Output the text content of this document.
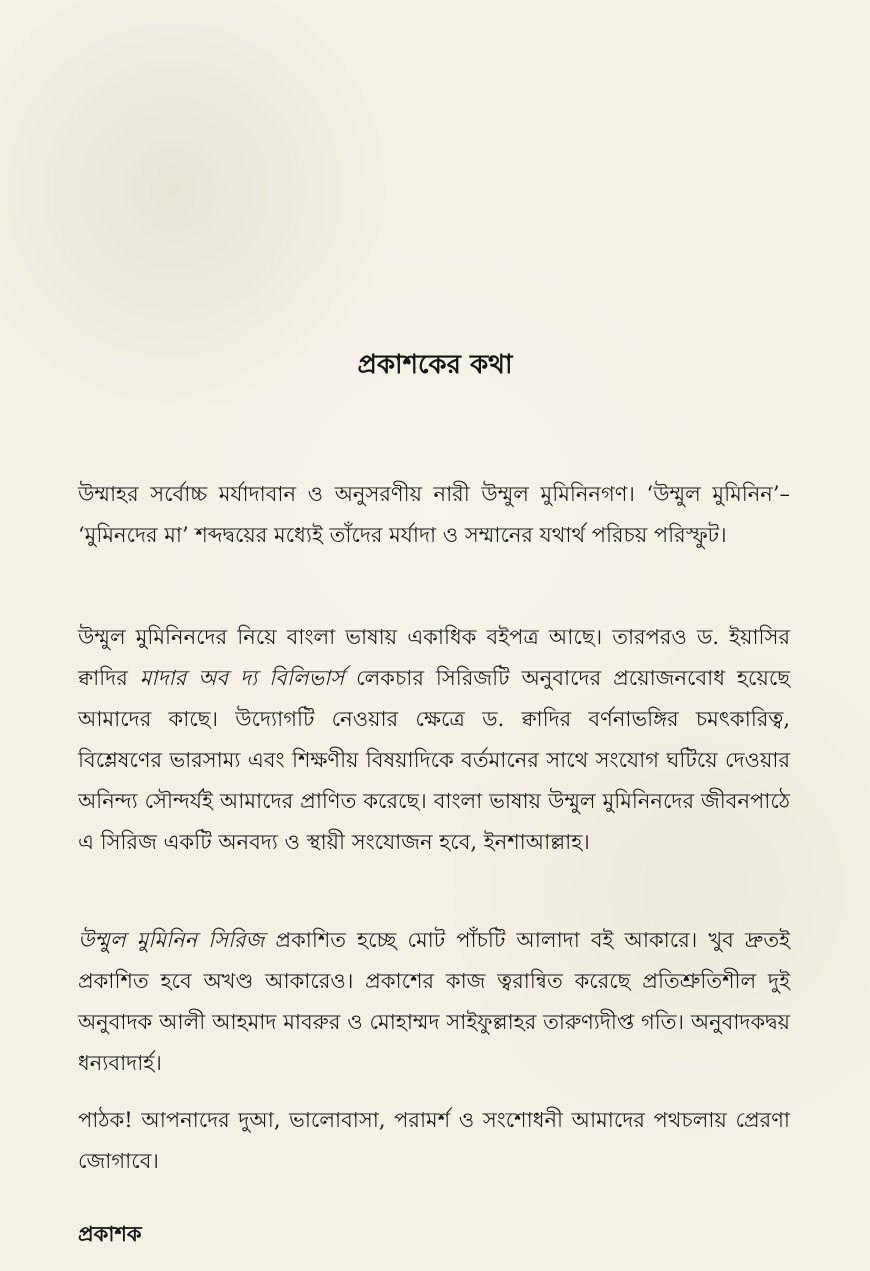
প্রকাশকের কথা

উম্মাহর সর্বোচ্চ মর্যাদাবান ও অনুসরণীয় নারী উম্মুল মুমিনিনগণ। ‘উম্মুল মুমিনিন’– ‘মুমিনদের মা’ শব্দদ্বয়ের মধ্যেই তাঁদের মর্যাদা ও সম্মানের যথার্থ পরিচয় পরিস্ফুট।

উম্মুল মুমিনিনদের নিয়ে বাংলা ভাষায় একাধিক বইপত্র আছে। তারপরও ড. ইয়াসির ক্বাদির মাদার অব দ্য বিলিভার্স লেকচার সিরিজটি অনুবাদের প্রয়োজনবোধ হয়েছে আমাদের কাছে। উদ্যোগটি নেওয়ার ক্ষেত্রে ড. ক্বাদির বর্ণনাভঙ্গির চমৎকারিত্ব, বিশ্লেষণের ভারসাম্য এবং শিক্ষণীয় বিষয়াদিকে বর্তমানের সাথে সংযোগ ঘটিয়ে দেওয়ার অনিন্দ্য সৌন্দর্যই আমাদের প্রাণিত করেছে। বাংলা ভাষায় উম্মুল মুমিনিনদের জীবনপাঠে এ সিরিজ একটি অনবদ্য ও স্থায়ী সংযোজন হবে, ইনশাআল্লাহ।

উম্মুল মুমিনিন সিরিজ প্রকাশিত হচ্ছে মোট পাঁচটি আলাদা বই আকারে। খুব দ্রুতই প্রকাশিত হবে অখণ্ড আকারেও। প্রকাশের কাজ ত্বরান্বিত করেছে প্রতিশ্রুতিশীল দুই অনুবাদক আলী আহমাদ মাবরুর ও মোহাম্মদ সাইফুল্লাহর তারুণ্যদীপ্ত গতি। অনুবাদকদ্বয় ধন্যবাদার্হ।

পাঠক! আপনাদের দুআ, ভালোবাসা, পরামর্শ ও সংশোধনী আমাদের পথচলায় প্রেরণা জোগাবে।

প্রকাশক
